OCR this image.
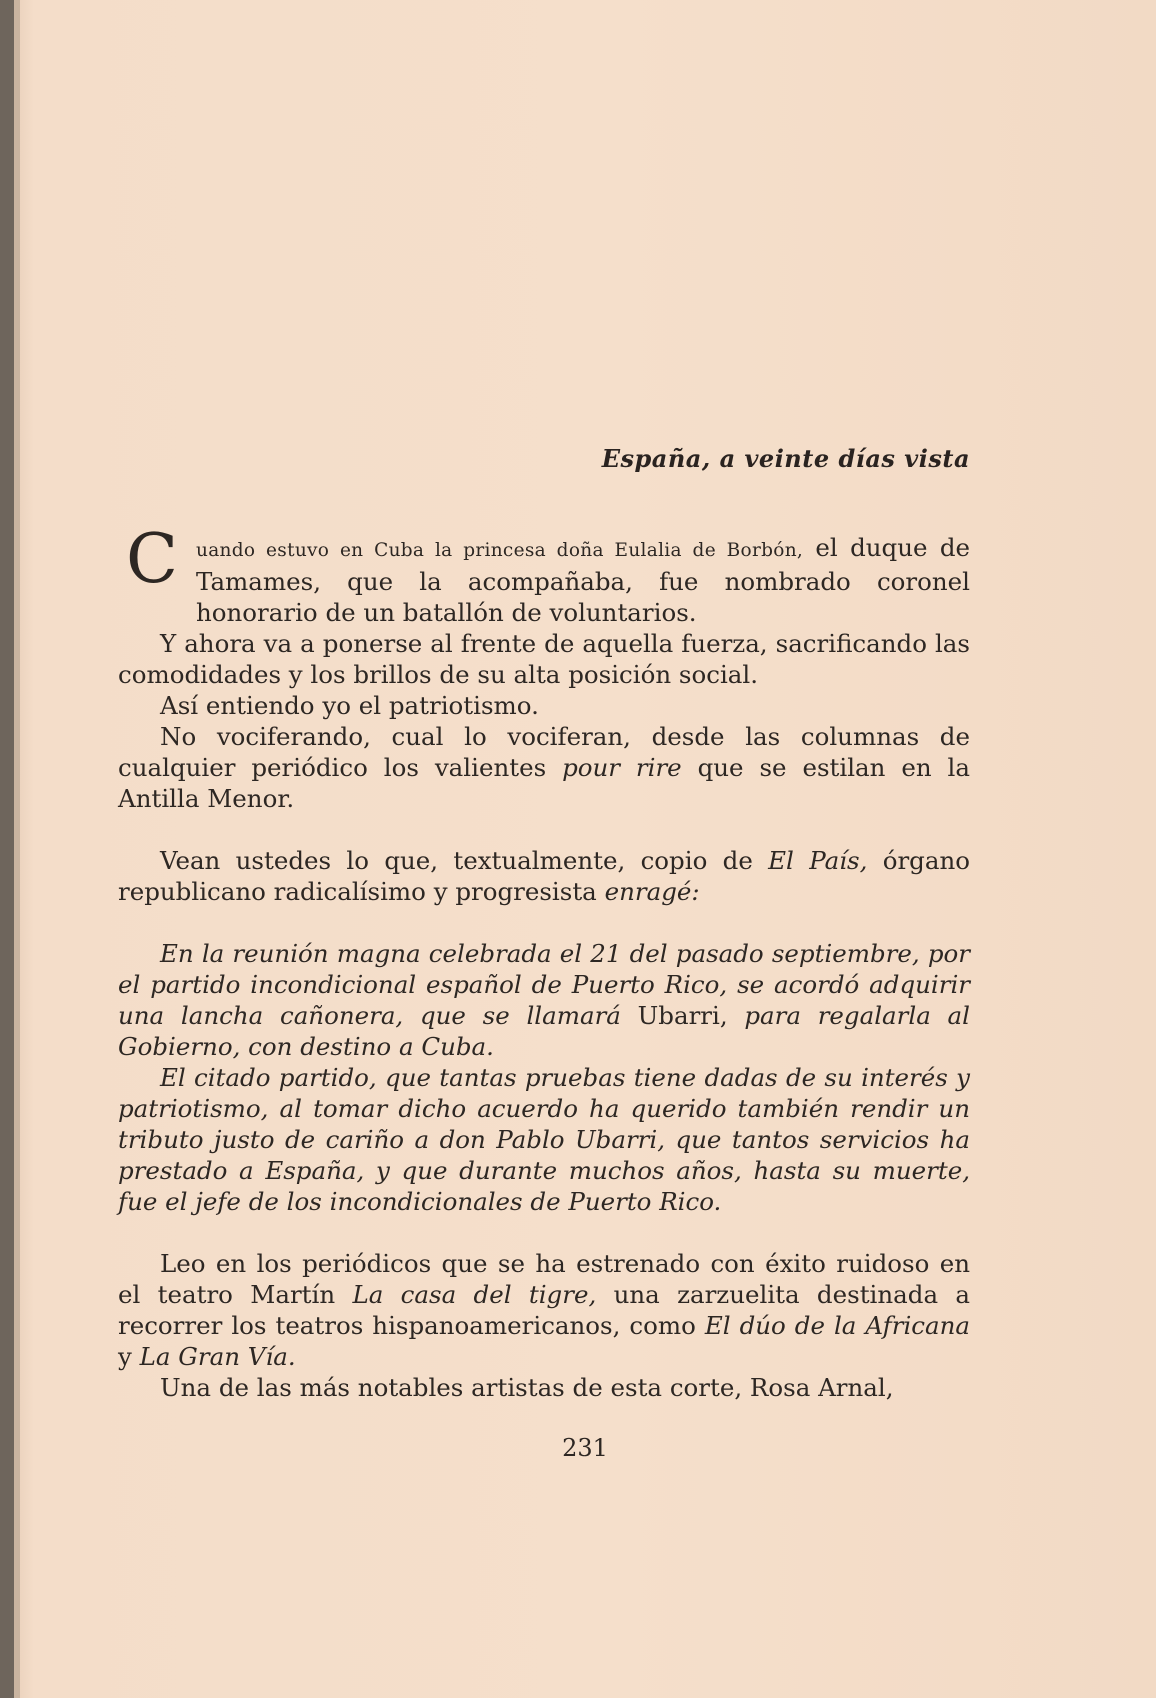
España, a veinte días vista

C uando estuvo en Cuba la princesa doña Eulalia de Borbón, el duque de Tamames, que la acompañaba, fue nombrado coronel honorario de un batallón de voluntarios.

Y ahora va a ponerse al frente de aquella fuerza, sacrificando las comodidades y los brillos de su alta posición social.

Así entiendo yo el patriotismo.

No vociferando, cual lo vociferan, desde las columnas de cualquier periódico los valientes pour rire que se estilan en la Antilla Menor.

Vean ustedes lo que, textualmente, copio de El País, órgano republicano radicalísimo y progresista enragé:

En la reunión magna celebrada el 21 del pasado septiembre, por el partido incondicional español de Puerto Rico, se acordó adquirir una lancha cañonera, que se llamará Ubarri, para regalarla al Gobierno, con destino a Cuba.

El citado partido, que tantas pruebas tiene dadas de su interés y patriotismo, al tomar dicho acuerdo ha querido también rendir un tributo justo de cariño a don Pablo Ubarri, que tantos servicios ha prestado a España, y que durante muchos años, hasta su muerte, fue el jefe de los incondicionales de Puerto Rico.

Leo en los periódicos que se ha estrenado con éxito ruidoso en el teatro Martín La casa del tigre, una zarzuelita destinada a recorrer los teatros hispanoamericanos, como El dúo de la Africana y La Gran Vía.

Una de las más notables artistas de esta corte, Rosa Arnal,

231
